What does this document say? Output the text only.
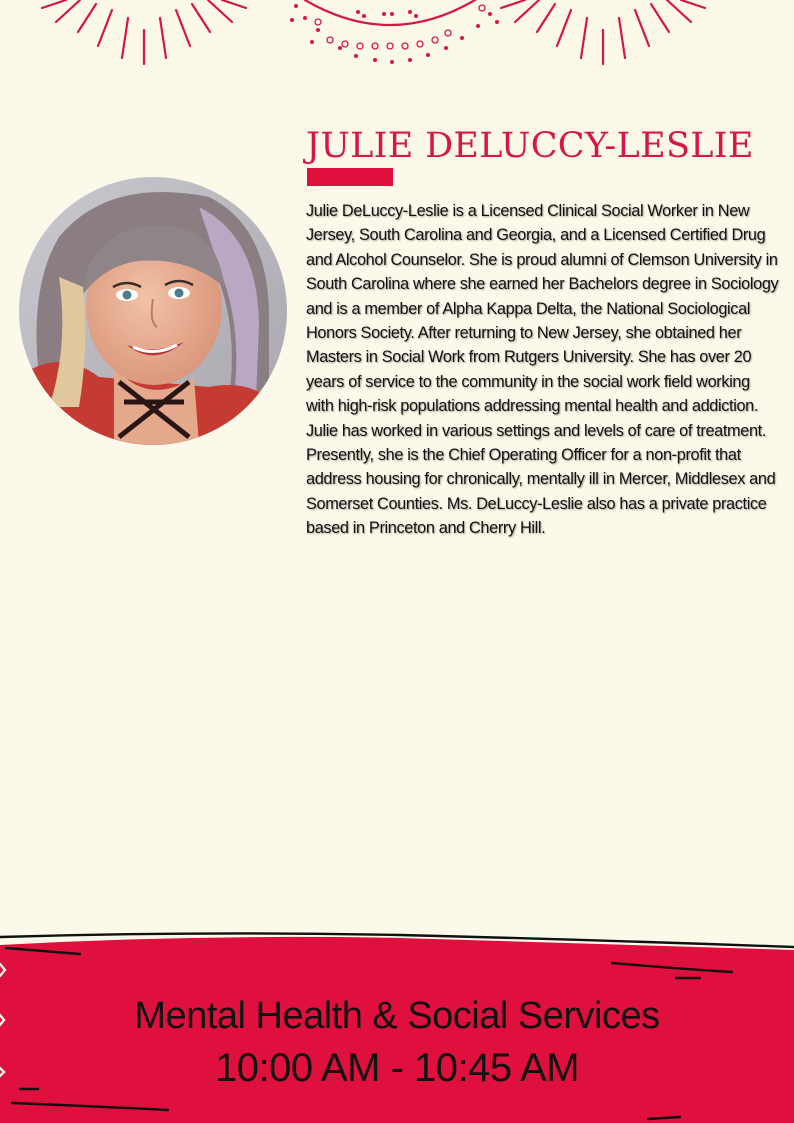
JULIE DELUCCY-LESLIE

Julie DeLuccy-Leslie is a Licensed Clinical Social Worker in New Jersey, South Carolina and Georgia, and a Licensed Certified Drug and Alcohol Counselor. She is proud alumni of Clemson University in South Carolina where she earned her Bachelors degree in Sociology and is a member of Alpha Kappa Delta, the National Sociological Honors Society. After returning to New Jersey, she obtained her Masters in Social Work from Rutgers University. She has over 20 years of service to the community in the social work field working with high-risk populations addressing mental health and addiction. Julie has worked in various settings and levels of care of treatment. Presently, she is the Chief Operating Officer for a non-profit that address housing for chronically, mentally ill in Mercer, Middlesex and Somerset Counties. Ms. DeLuccy-Leslie also has a private practice based in Princeton and Cherry Hill.

Mental Health & Social Services

10:00 AM - 10:45 AM
